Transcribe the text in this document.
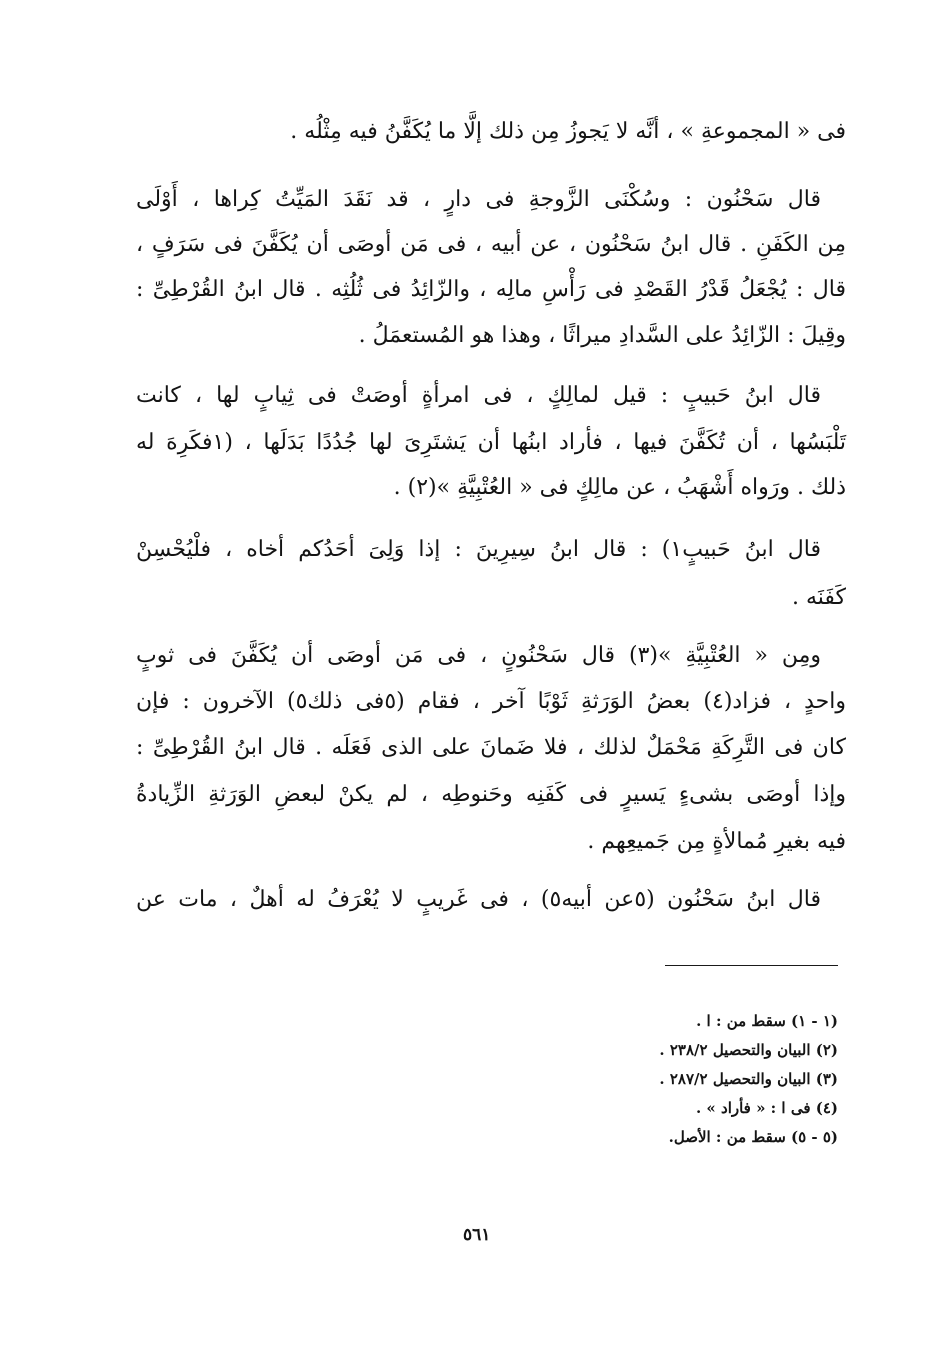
فى « المجموعةِ » ، أنَّه لا يَجوزُ مِن ذلك إلَّا ما يُكَفَّنُ فيه مِثْلُه .
قال سَحْنُون : وسُكْنَى الزَّوجةِ فى دارٍ ، قد نَقَدَ المَيِّتُ كِراها ، أَوْلَى
مِن الكَفَنِ . قال ابنُ سَحْنُون ، عن أبيه ، فى مَن أوصَى أن يُكَفَّنَ فى سَرَفٍ ،
قال : يُجْعَلُ قَدْرُ القَصْدِ فى رَأْسِ مالِه ، والزّائِدُ فى ثُلُثِه . قال ابنُ القُرْطِىِّ :
وقِيلَ : الزّائِدُ على السَّدادِ ميراثًا ، وهذا هو المُستعمَلُ .
قال ابنُ حَبيبٍ : قيل لمالِكٍ ، فى امرأةٍ أوصَتْ فى ثِيابٍ لها ، كانت
تَلْبَسُها ، أن تُكَفَّنَ فيها ، فأراد ابنُها أن يَشتَرِىَ لها جُدُدًا بَدَلَها ، (١فكَرِهَ له
ذلك . ورَواه أَشْهَبُ ، عن مالِكٍ فى « العُتْبِيَّةِ »(٢) .
قال ابنُ حَبيبٍ١) : قال ابنُ سِيرِينَ : إذا وَلِىَ أحَدُكم أخاه ، فلْيُحْسِنْ
كَفَنَه .
ومِن « العُتْبِيَّةِ »(٣) قال سَحْنُونٍ ، فى مَن أوصَى أن يُكَفَّنَ فى ثوبٍ
واحدٍ ، فزاد(٤) بعضُ الوَرَثةِ ثَوْبًا آخر ، فقام (٥فى ذلك٥) الآخرون : فإن
كان فى التَّرِكَةِ مَحْمَلٌ لذلك ، فلا ضَمانَ على الذى فَعَلَه . قال ابنُ القُرْطِىِّ :
وإذا أوصَى بشىءٍ يَسيرٍ فى كَفَنِه وحَنوطِه ، لم يكنْ لبعضِ الوَرَثةِ الزِّيادةُ
فيه بغيرِ مُمالأةٍ مِن جَميعِهم .
قال ابنُ سَحْنُون (٥عن أبيه٥) ، فى غَريبٍ لا يُعْرَفُ له أهلٌ ، مات عن
(١ - ١) سقط من : ا .
(٢) البيان والتحصيل ٢٣٨/٢ .
(٣) البيان والتحصيل ٢٨٧/٢ .
(٤) فى ا : « فأراد » .
(٥ - ٥) سقط من : الأصل.
٥٦١
